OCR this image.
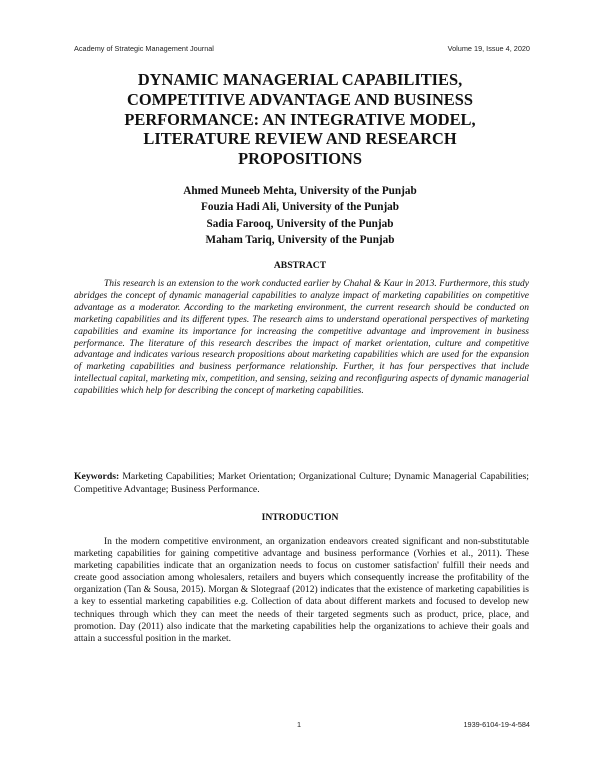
Academy of Strategic Management Journal	Volume 19, Issue 4, 2020
DYNAMIC MANAGERIAL CAPABILITIES,
COMPETITIVE ADVANTAGE AND BUSINESS
PERFORMANCE: AN INTEGRATIVE MODEL,
LITERATURE REVIEW AND RESEARCH
PROPOSITIONS
Ahmed Muneeb Mehta, University of the Punjab
Fouzia Hadi Ali, University of the Punjab
Sadia Farooq, University of the Punjab
Maham Tariq, University of the Punjab
ABSTRACT

This research is an extension to the work conducted earlier by Chahal & Kaur in 2013. Furthermore, this study abridges the concept of dynamic managerial capabilities to analyze impact of marketing capabilities on competitive advantage as a moderator. According to the marketing environment, the current research should be conducted on marketing capabilities and its different types. The research aims to understand operational perspectives of marketing capabilities and examine its importance for increasing the competitive advantage and improvement in business performance. The literature of this research describes the impact of market orientation, culture and competitive advantage and indicates various research propositions about marketing capabilities which are used for the expansion of marketing capabilities and business performance relationship. Further, it has four perspectives that include intellectual capital, marketing mix, competition, and sensing, seizing and reconfiguring aspects of dynamic managerial capabilities which help for describing the concept of marketing capabilities.

Keywords: Marketing Capabilities; Market Orientation; Organizational Culture; Dynamic Managerial Capabilities; Competitive Advantage; Business Performance.

INTRODUCTION

In the modern competitive environment, an organization endeavors created significant and non-substitutable marketing capabilities for gaining competitive advantage and business performance (Vorhies et al., 2011). These marketing capabilities indicate that an organization needs to focus on customer satisfaction' fulfill their needs and create good association among wholesalers, retailers and buyers which consequently increase the profitability of the organization (Tan & Sousa, 2015). Morgan & Slotegraaf (2012) indicates that the existence of marketing capabilities is a key to essential marketing capabilities e.g. Collection of data about different markets and focused to develop new techniques through which they can meet the needs of their targeted segments such as product, price, place, and promotion. Day (2011) also indicate that the marketing capabilities help the organizations to achieve their goals and attain a successful position in the market.

1	1939-6104-19-4-584
